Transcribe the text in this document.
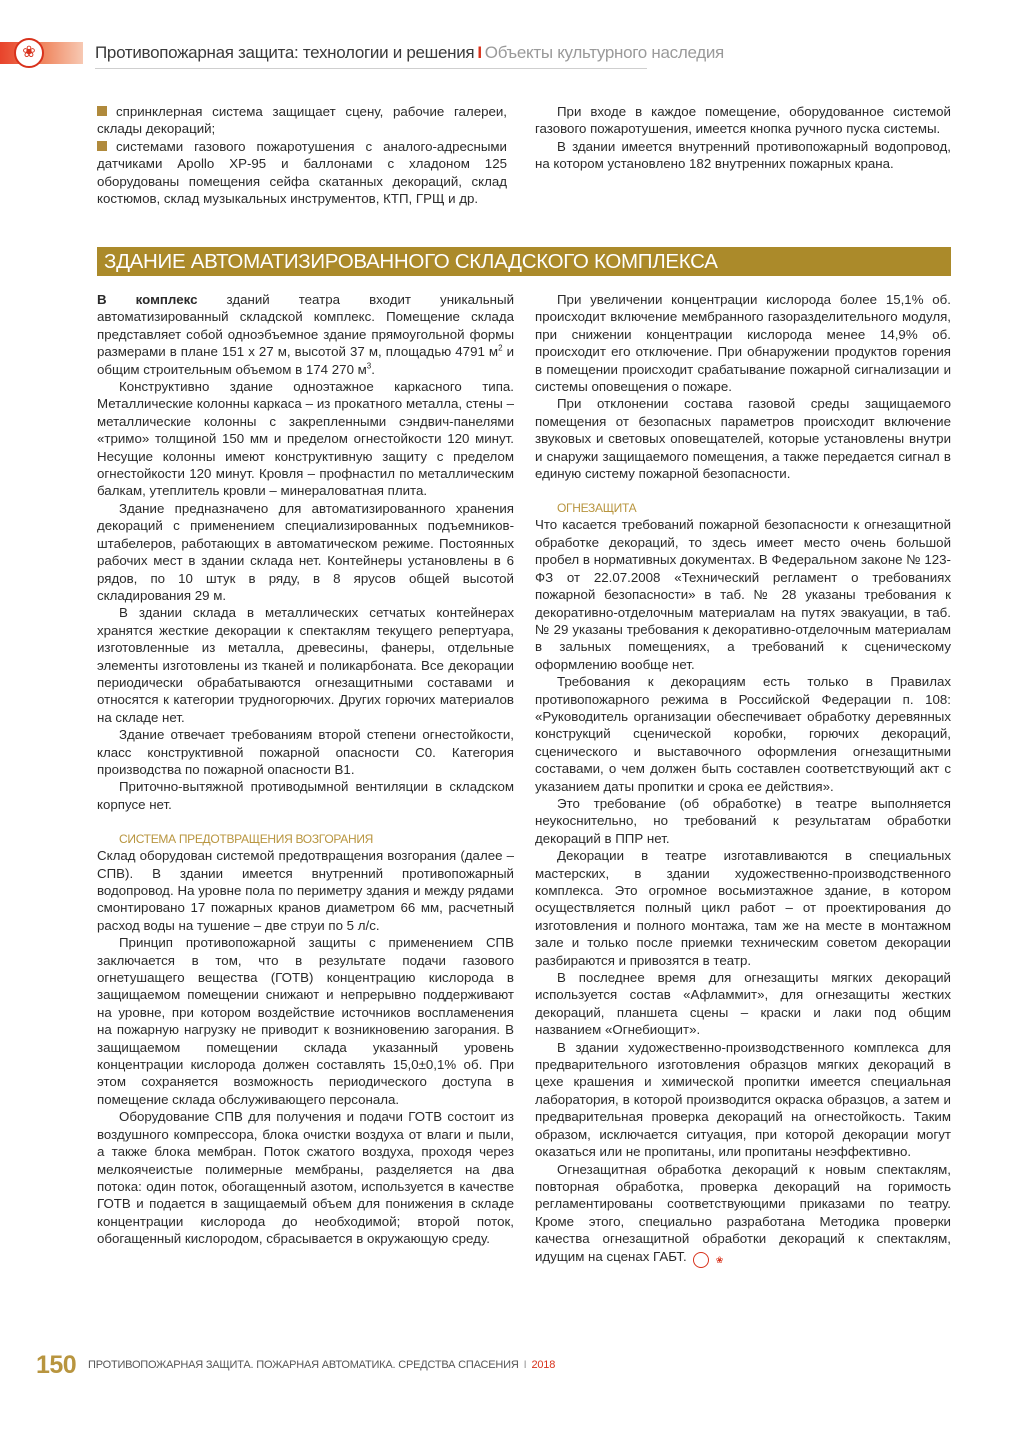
❀	Противопожарная защита: технологии и решения I Объекты культурного наследия

спринклерная система защищает сцену, рабочие галереи, склады декораций;

системами газового пожаротушения с аналого-адресными датчиками Apollo XP-95 и баллонами с хладоном 125 оборудованы помещения сейфа скатанных декораций, склад костюмов, склад музыкальных инструментов, КТП, ГРЩ и др.

При входе в каждое помещение, оборудованное системой газового пожаротушения, имеется кнопка ручного пуска системы.

В здании имеется внутренний противопожарный водопровод, на котором установлено 182 внутренних пожарных крана.

ЗДАНИЕ АВТОМАТИЗИРОВАННОГО СКЛАДСКОГО КОМПЛЕКСА

В комплекс зданий театра входит уникальный автоматизированный складской комплекс. Помещение склада представляет собой одноэбъемное здание прямоугольной формы размерами в плане 151 х 27 м, высотой 37 м, площадью 4791 $м^2$ и общим строительным объемом в 174 270 $м^3$.

Конструктивно здание одноэтажное каркасного типа. Металлические колонны каркаса – из прокатного металла, стены – металлические колонны с закрепленными сэндвич-панелями «тримо» толщиной 150 мм и пределом огнестойкости 120 минут. Несущие колонны имеют конструктивную защиту с пределом огнестойкости 120 минут. Кровля – профнастил по металлическим балкам, утеплитель кровли – минераловатная плита.

Здание предназначено для автоматизированного хранения декораций с применением специализированных подъемников-штабелеров, работающих в автоматическом режиме. Постоянных рабочих мест в здании склада нет. Контейнеры установлены в 6 рядов, по 10 штук в ряду, в 8 ярусов общей высотой складирования 29 м.

В здании склада в металлических сетчатых контейнерах хранятся жесткие декорации к спектаклям текущего репертуара, изготовленные из металла, древесины, фанеры, отдельные элементы изготовлены из тканей и поликарбоната. Все декорации периодически обрабатываются огнезащитными составами и относятся к категории трудногорючих. Других горючих материалов на складе нет.

Здание отвечает требованиям второй степени огнестойкости, класс конструктивной пожарной опасности С0. Категория производства по пожарной опасности В1.

Приточно-вытяжной противодымной вентиляции в складском корпусе нет.

СИСТЕМА ПРЕДОТВРАЩЕНИЯ ВОЗГОРАНИЯ

Склад оборудован системой предотвращения возгорания (далее – СПВ). В здании имеется внутренний противопожарный водопровод. На уровне пола по периметру здания и между рядами смонтировано 17 пожарных кранов диаметром 66 мм, расчетный расход воды на тушение – две струи по 5 л/с.

Принцип противопожарной защиты с применением СПВ заключается в том, что в результате подачи газового огнетушащего вещества (ГОТВ) концентрацию кислорода в защищаемом помещении снижают и непрерывно поддерживают на уровне, при котором воздействие источников воспламенения на пожарную нагрузку не приводит к возникновению загорания. В защищаемом помещении склада указанный уровень концентрации кислорода должен составлять 15,0±0,1% об. При этом сохраняется возможность периодического доступа в помещение склада обслуживающего персонала.

Оборудование СПВ для получения и подачи ГОТВ состоит из воздушного компрессора, блока очистки воздуха от влаги и пыли, а также блока мембран. Поток сжатого воздуха, проходя через мелкоячеистые полимерные мембраны, разделяется на два потока: один поток, обогащенный азотом, используется в качестве ГОТВ и подается в защищаемый объем для понижения в складе концентрации кислорода до необходимой; второй поток, обогащенный кислородом, сбрасывается в окружающую среду.

При увеличении концентрации кислорода более 15,1% об. происходит включение мембранного газоразделительного модуля, при снижении концентрации кислорода менее 14,9% об. происходит его отключение. При обнаружении продуктов горения в помещении происходит срабатывание пожарной сигнализации и системы оповещения о пожаре.

При отклонении состава газовой среды защищаемого помещения от безопасных параметров происходит включение звуковых и световых оповещателей, которые установлены внутри и снаружи защищаемого помещения, а также передается сигнал в единую систему пожарной безопасности.

ОГНЕЗАЩИТА

Что касается требований пожарной безопасности к огнезащитной обработке декораций, то здесь имеет место очень большой пробел в нормативных документах. В Федеральном законе № 123-ФЗ от 22.07.2008 «Технический регламент о требованиях пожарной безопасности» в таб. № 28 указаны требования к декоративно-отделочным материалам на путях эвакуации, в таб. № 29 указаны требования к декоративно-отделочным материалам в зальных помещениях, а требований к сценическому оформлению вообще нет.

Требования к декорациям есть только в Правилах противопожарного режима в Российской Федерации п. 108: «Руководитель организации обеспечивает обработку деревянных конструкций сценической коробки, горючих декораций, сценического и выставочного оформления огнезащитными составами, о чем должен быть составлен соответствующий акт с указанием даты пропитки и срока ее действия».

Это требование (об обработке) в театре выполняется неукоснительно, но требований к результатам обработки декораций в ППР нет.

Декорации в театре изготавливаются в специальных мастерских, в здании художественно-производственного комплекса. Это огромное восьмиэтажное здание, в котором осуществляется полный цикл работ – от проектирования до изготовления и полного монтажа, там же на месте в монтажном зале и только после приемки техническим советом декорации разбираются и привозятся в театр.

В последнее время для огнезащиты мягких декораций используется состав «Афламмит», для огнезащиты жестких декораций, планшета сцены – краски и лаки под общим названием «Огнебиощит».

В здании художественно-производственного комплекса для предварительного изготовления образцов мягких декораций в цехе крашения и химической пропитки имеется специальная лаборатория, в которой производится окраска образцов, а затем и предварительная проверка декораций на огнестойкость. Таким образом, исключается ситуация, при которой декорации могут оказаться или не пропитаны, или пропитаны неэффективно.

Огнезащитная обработка декораций к новым спектаклям, повторная обработка, проверка декораций на горимость регламентированы соответствующими приказами по театру. Кроме этого, специально разработана Методика проверки качества огнезащитной обработки декораций к спектаклям, идущим на сценах ГАБТ.	❀

150 ПРОТИВОПОЖАРНАЯ ЗАЩИТА. ПОЖАРНАЯ АВТОМАТИКА. СРЕДСТВА СПАСЕНИЯ I 2018
